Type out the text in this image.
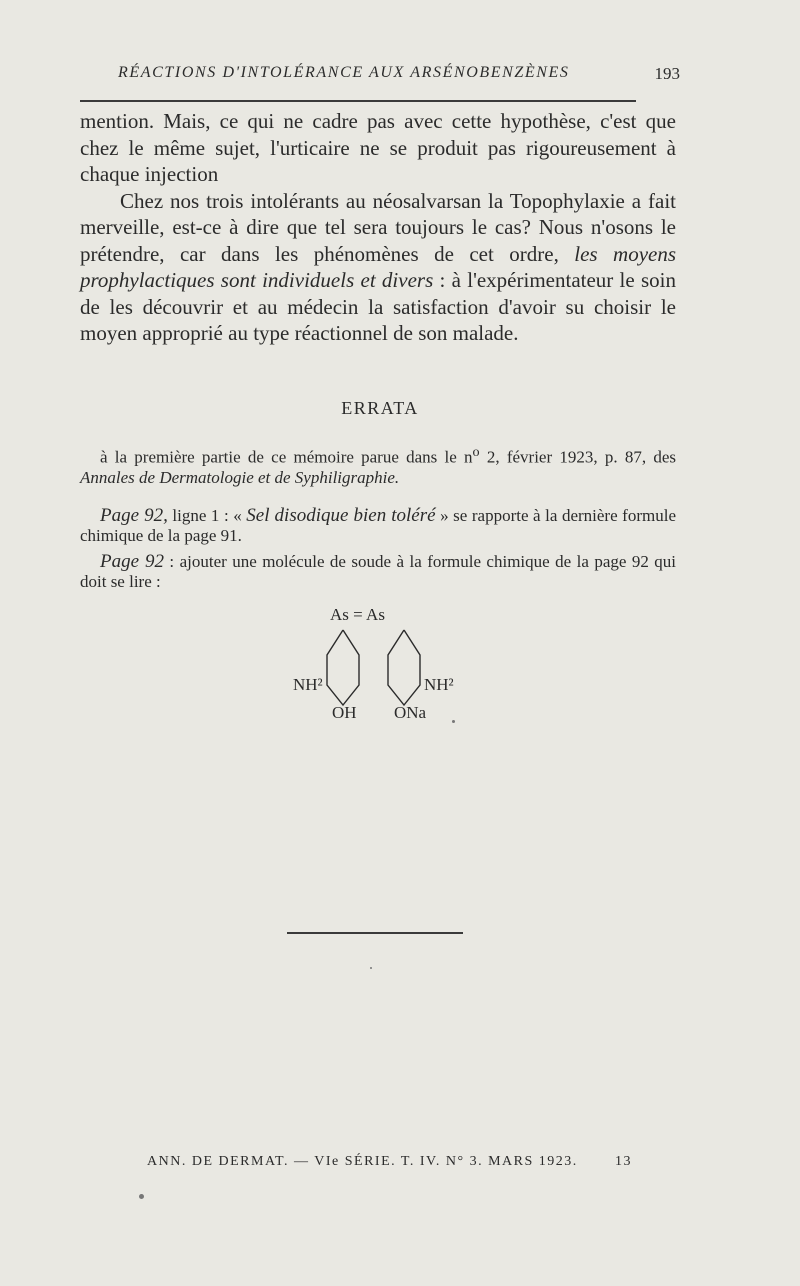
RÉACTIONS D'INTOLÉRANCE AUX ARSÉNOBENZÈNES	193

mention. Mais, ce qui ne cadre pas avec cette hypothèse, c'est que chez le même sujet, l'urticaire ne se produit pas rigoureusement à chaque injection

Chez nos trois intolérants au néosalvarsan la Topophylaxie a fait merveille, est-ce à dire que tel sera toujours le cas? Nous n'osons le prétendre, car dans les phénomènes de cet ordre, les moyens prophylactiques sont individuels et divers : à l'expérimentateur le soin de les découvrir et au médecin la satisfaction d'avoir su choisir le moyen approprié au type réactionnel de son malade.

ERRATA

à la première partie de ce mémoire parue dans le $n^o$ 2, février 1923, p. 87, des Annales de Dermatologie et de Syphiligraphie.

Page 92, ligne 1 : « Sel disodique bien toléré » se rapporte à la dernière formule chimique de la page 91.

Page 92 : ajouter une molécule de soude à la formule chimique de la page 92 qui doit se lire :

As = As
NH²	NH²
OH ONa
ANN. DE DERMAT. — VIe SÉRIE. T. IV. N° 3. MARS 1923.	13
